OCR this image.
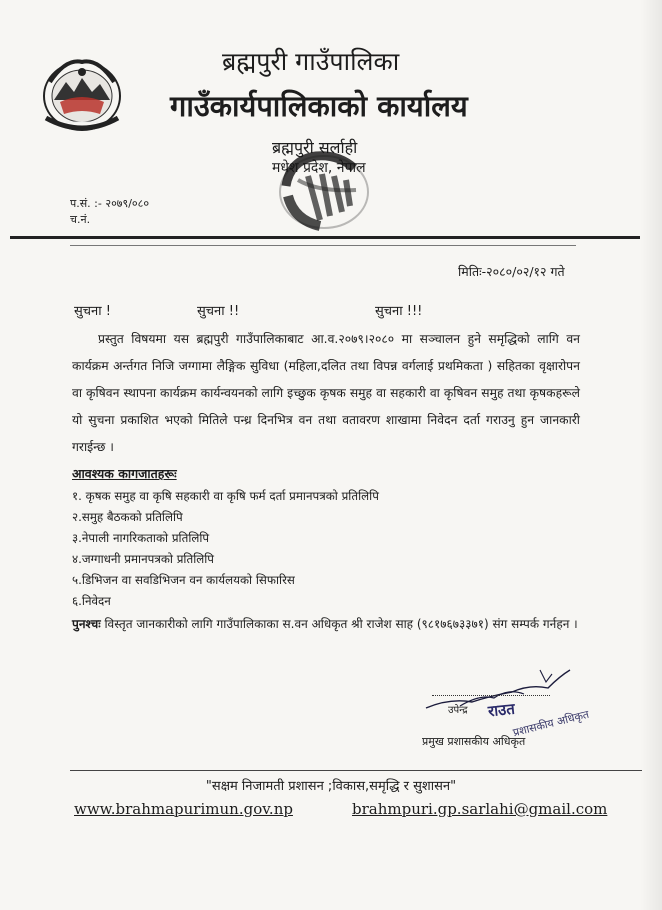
ब्रह्मपुरी गाउँपालिका
गाउँकार्यपालिकाको कार्यालय
ब्रह्मपुरी सर्लाही
मधेश प्रदेश, नेपाल
प.सं. :- २०७९/०८०
च.नं.
मितिः-२०८०/०२/१२ गते
सुचना !	सुचना !!	सुचना !!!
प्रस्तुत विषयमा यस ब्रह्मपुरी गाउँपालिकाबाट आ.व.२०७९।२०८० मा सञ्चालन हुने समृद्धिको लागि वन कार्यक्रम अर्न्तगत निजि जग्गामा लैङ्गिक सुविधा (महिला,दलित तथा विपन्न वर्गलाई प्रथमिकता ) सहितका वृक्षारोपन वा कृषिवन स्थापना कार्यक्रम कार्यन्वयनको लागि इच्छुक कृषक समुह वा सहकारी वा कृषिवन समुह तथा कृषकहरूले यो सुचना प्रकाशित भएको मितिले पन्ध्र दिनभित्र वन तथा वतावरण शाखामा निवेदन दर्ता गराउनु हुन जानकारी गराईन्छ ।
आवश्यक कागजातहरूः
१. कृषक समुह वा कृषि सहकारी वा कृषि फर्म दर्ता प्रमानपत्रको प्रतिलिपि
२.समुह बैठकको प्रतिलिपि
३.नेपाली नागरिकताको प्रतिलिपि
४.जग्गाधनी प्रमानपत्रको प्रतिलिपि
५.डिभिजन वा सवडिभिजन वन कार्यलयको सिफारिस
६.निवेदन
पुनश्चः विस्तृत जानकारीको लागि गाउँपालिकाका स.वन अधिकृत श्री राजेश साह (९८१७६७३३७१) संग सम्पर्क गर्नहन ।
उपेन्द्र राउत
प्रशासकीय अधिकृत
प्रमुख प्रशासकीय अधिकृत
"सक्षम निजामती प्रशासन ;विकास,समृद्धि र सुशासन"
www.brahmapurimun.gov.np	brahmpuri.gp.sarlahi@gmail.com
